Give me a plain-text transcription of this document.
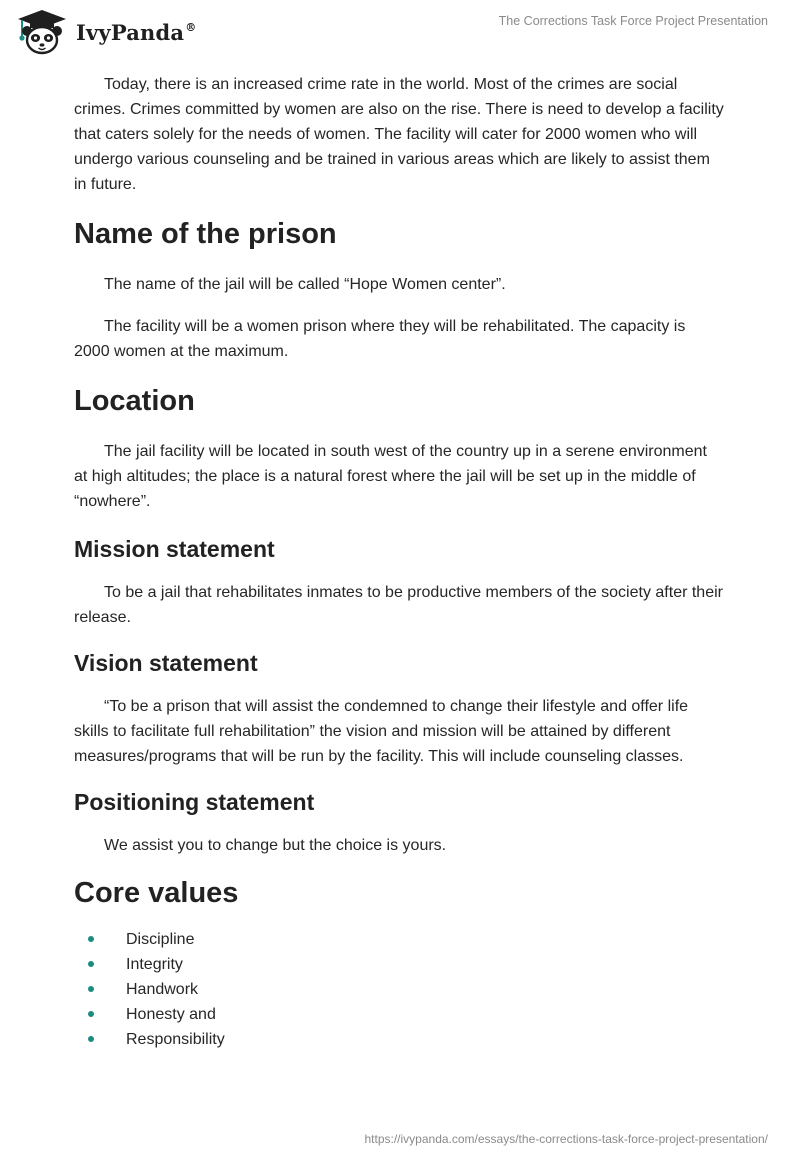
IvyPanda®	The Corrections Task Force Project Presentation

Today, there is an increased crime rate in the world. Most of the crimes are social crimes. Crimes committed by women are also on the rise. There is need to develop a facility that caters solely for the needs of women. The facility will cater for 2000 women who will undergo various counseling and be trained in various areas which are likely to assist them in future.

Name of the prison

The name of the jail will be called “Hope Women center”.

The facility will be a women prison where they will be rehabilitated. The capacity is 2000 women at the maximum.

Location

The jail facility will be located in south west of the country up in a serene environment at high altitudes; the place is a natural forest where the jail will be set up in the middle of “nowhere”.

Mission statement

To be a jail that rehabilitates inmates to be productive members of the society after their release.

Vision statement

“To be a prison that will assist the condemned to change their lifestyle and offer life skills to facilitate full rehabilitation” the vision and mission will be attained by different measures/programs that will be run by the facility. This will include counseling classes.

Positioning statement

We assist you to change but the choice is yours.

Core values
Discipline
Integrity
Handwork
Honesty and
Responsibility
https://ivypanda.com/essays/the-corrections-task-force-project-presentation/
